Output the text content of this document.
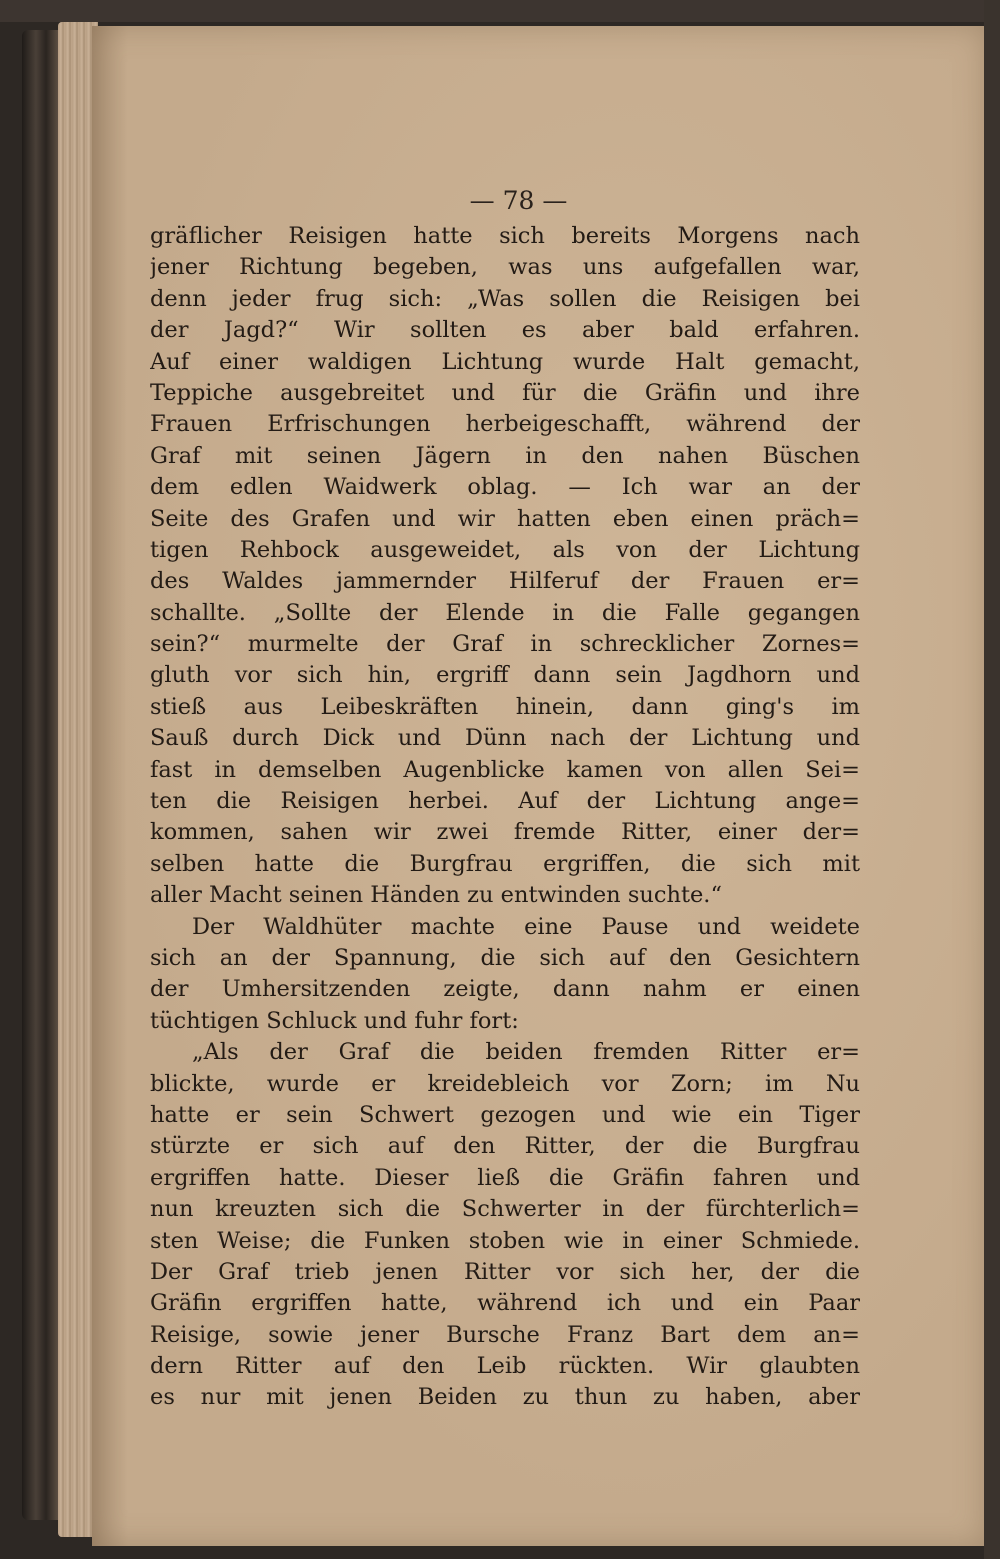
— 78 —
gräflicher Reisigen hatte sich bereits Morgens nach
jener Richtung begeben, was uns aufgefallen war,
denn jeder frug sich: „Was sollen die Reisigen bei
der Jagd?“ Wir sollten es aber bald erfahren.
Auf einer waldigen Lichtung wurde Halt gemacht,
Teppiche ausgebreitet und für die Gräfin und ihre
Frauen Erfrischungen herbeigeschafft, während der
Graf mit seinen Jägern in den nahen Büschen
dem edlen Waidwerk oblag. — Ich war an der
Seite des Grafen und wir hatten eben einen präch=
tigen Rehbock ausgeweidet, als von der Lichtung
des Waldes jammernder Hilferuf der Frauen er=
schallte. „Sollte der Elende in die Falle gegangen
sein?“ murmelte der Graf in schrecklicher Zornes=
gluth vor sich hin, ergriff dann sein Jagdhorn und
stieß aus Leibeskräften hinein, dann ging's im
Sauß durch Dick und Dünn nach der Lichtung und
fast in demselben Augenblicke kamen von allen Sei=
ten die Reisigen herbei. Auf der Lichtung ange=
kommen, sahen wir zwei fremde Ritter, einer der=
selben hatte die Burgfrau ergriffen, die sich mit
aller Macht seinen Händen zu entwinden suchte.“
Der Waldhüter machte eine Pause und weidete
sich an der Spannung, die sich auf den Gesichtern
der Umhersitzenden zeigte, dann nahm er einen
tüchtigen Schluck und fuhr fort:
„Als der Graf die beiden fremden Ritter er=
blickte, wurde er kreidebleich vor Zorn; im Nu
hatte er sein Schwert gezogen und wie ein Tiger
stürzte er sich auf den Ritter, der die Burgfrau
ergriffen hatte. Dieser ließ die Gräfin fahren und
nun kreuzten sich die Schwerter in der fürchterlich=
sten Weise; die Funken stoben wie in einer Schmiede.
Der Graf trieb jenen Ritter vor sich her, der die
Gräfin ergriffen hatte, während ich und ein Paar
Reisige, sowie jener Bursche Franz Bart dem an=
dern Ritter auf den Leib rückten. Wir glaubten
es nur mit jenen Beiden zu thun zu haben, aber
